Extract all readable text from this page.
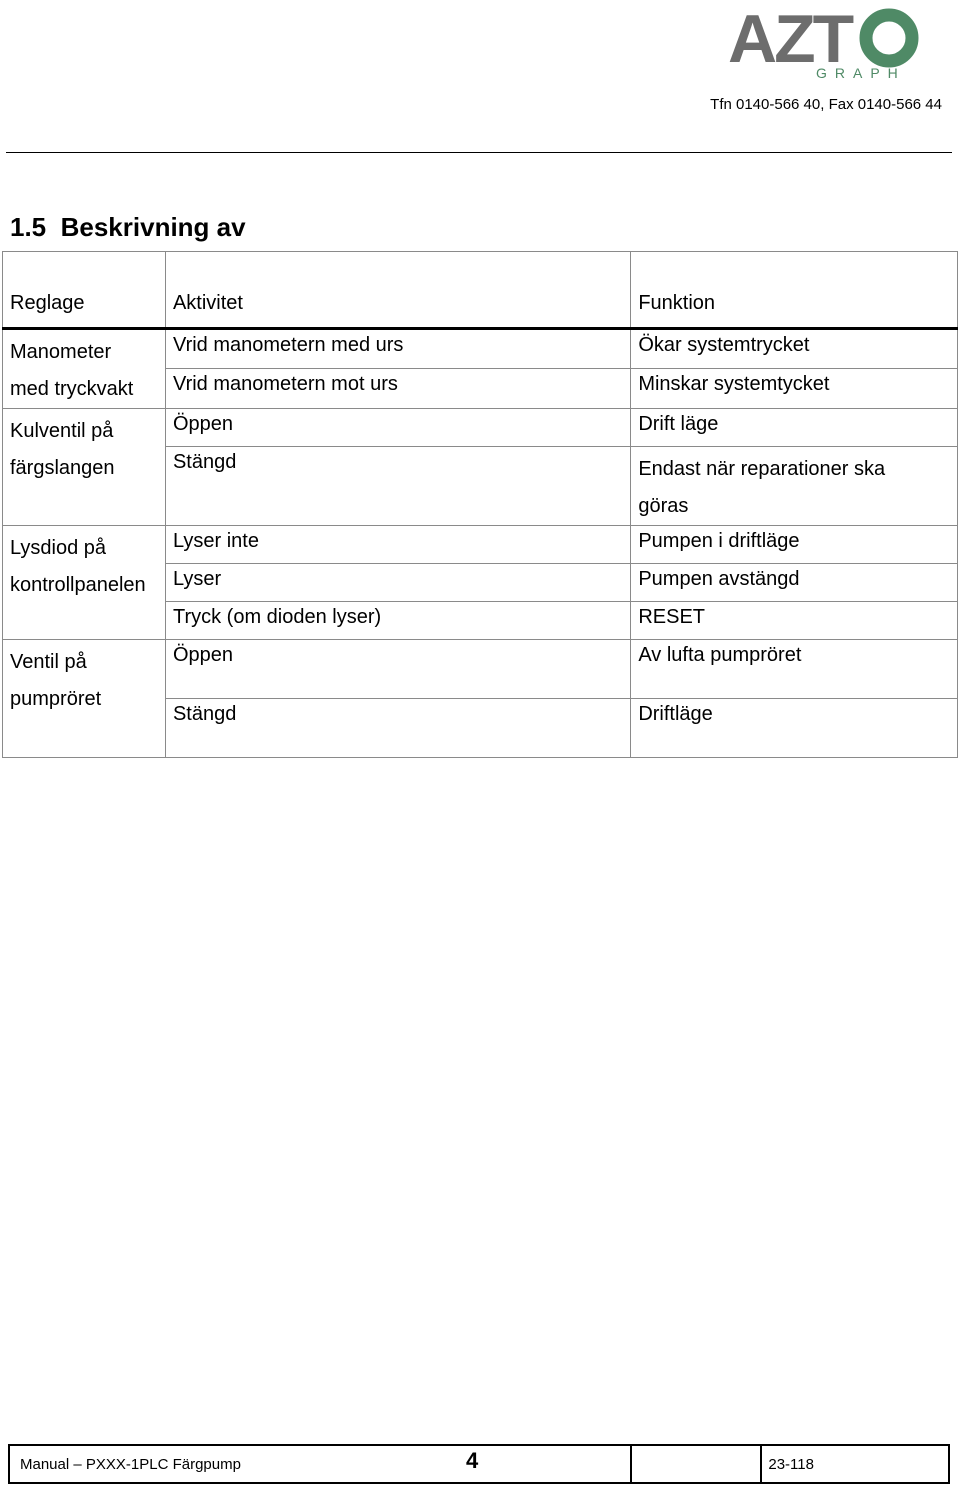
AZT
GRAPH
Tfn 0140-566 40, Fax 0140-566 44
1.5 Beskrivning av
Reglage	Aktivitet	Funktion

Manometer
med tryckvakt	Vrid manometern med urs	Ökar systemtrycket
	Vrid manometern mot urs	Minskar systemtycket

Kulventil på
färgslangen	Öppen	Drift läge
	Stängd	Endast när reparationer ska
göras

Lysdiod på
kontrollpanelen	Lyser inte	Pumpen i driftläge
	Lyser	Pumpen avstängd
	Tryck (om dioden lyser)	RESET

Ventil på
pumpröret	Öppen	Av lufta pumpröret
	Stängd	Driftläge
Manual – PXXX-1PLC Färgpump	4		23-118
